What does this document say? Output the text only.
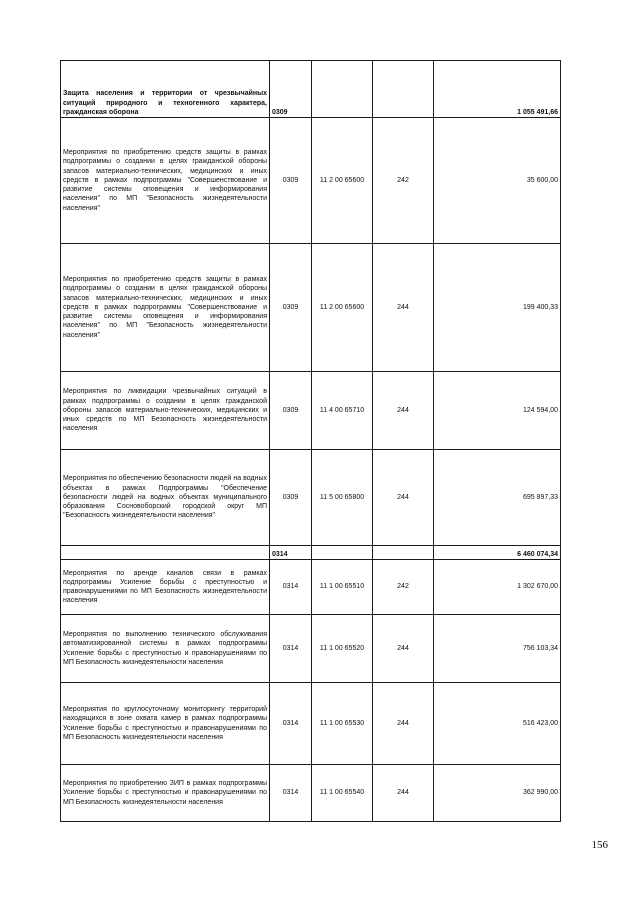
Защита населения и территории от чрезвычайных ситуаций природного и техногенного характера, гражданская оборона	0309			1 055 491,66
Мероприятия по приобретению средств защиты в рамках подпрограммы о создании в целях гражданской обороны запасов материально-технических, медицинских и иных средств в рамках подпрограммы "Совершенствование и развитие системы оповещения и информирования населения" по МП "Безопасность жизнедеятельности населения"	0309	11 2 00 65600	242	35 600,00
Мероприятия по приобретению средств защиты в рамках подпрограммы о создании в целях гражданской обороны запасов материально-технических, медицинских и иных средств в рамках подпрограммы "Совершенствование и развитие системы оповещения и информирования населения" по МП "Безопасность жизнедеятельности населения"	0309	11 2 00 65600	244	199 400,33
Мероприятия по ликвидации чрезвычайных ситуаций в рамках подпрограммы о создании в целях гражданской обороны запасов материально-технических, медицинских и иных средств по МП Безопасность жизнедеятельности населения	0309	11 4 00 65710	244	124 594,00
Мероприятия по обеспечению безопасности людей на водных объектах в рамках Подпрограммы "Обеспечение безопасности людей на водных объектах муниципального образования Сосновоборский городской округ МП "Безопасность жизнедеятельности населения"	0309	11 5 00 65800	244	695 897,33
	0314			6 460 074,34
Мероприятия по аренде каналов связи в рамках подпрограммы Усиление борьбы с преступностью и правонарушениями по МП Безопасность жизнедеятельности населения	0314	11 1 00 65510	242	1 302 670,00
Мероприятия по выполнению технического обслуживания автоматизированной системы в рамках подпрограммы Усиление борьбы с преступностью и правонарушениями по МП Безопасность жизнедеятельности населения	0314	11 1 00 65520	244	756 103,34
Мероприятия по круглосуточному мониторингу территорий находящихся в зоне охвата камер в рамках подпрограммы Усиление борьбы с преступностью и правонарушениями по МП Безопасность жизнедеятельности населения	0314	11 1 00 65530	244	516 423,00
Мероприятия по приобретению ЗИП в рамках подпрограммы Усиление борьбы с преступностью и правонарушениями по МП Безопасность жизнедеятельности населения	0314	11 1 00 65540	244	362 990,00
156
